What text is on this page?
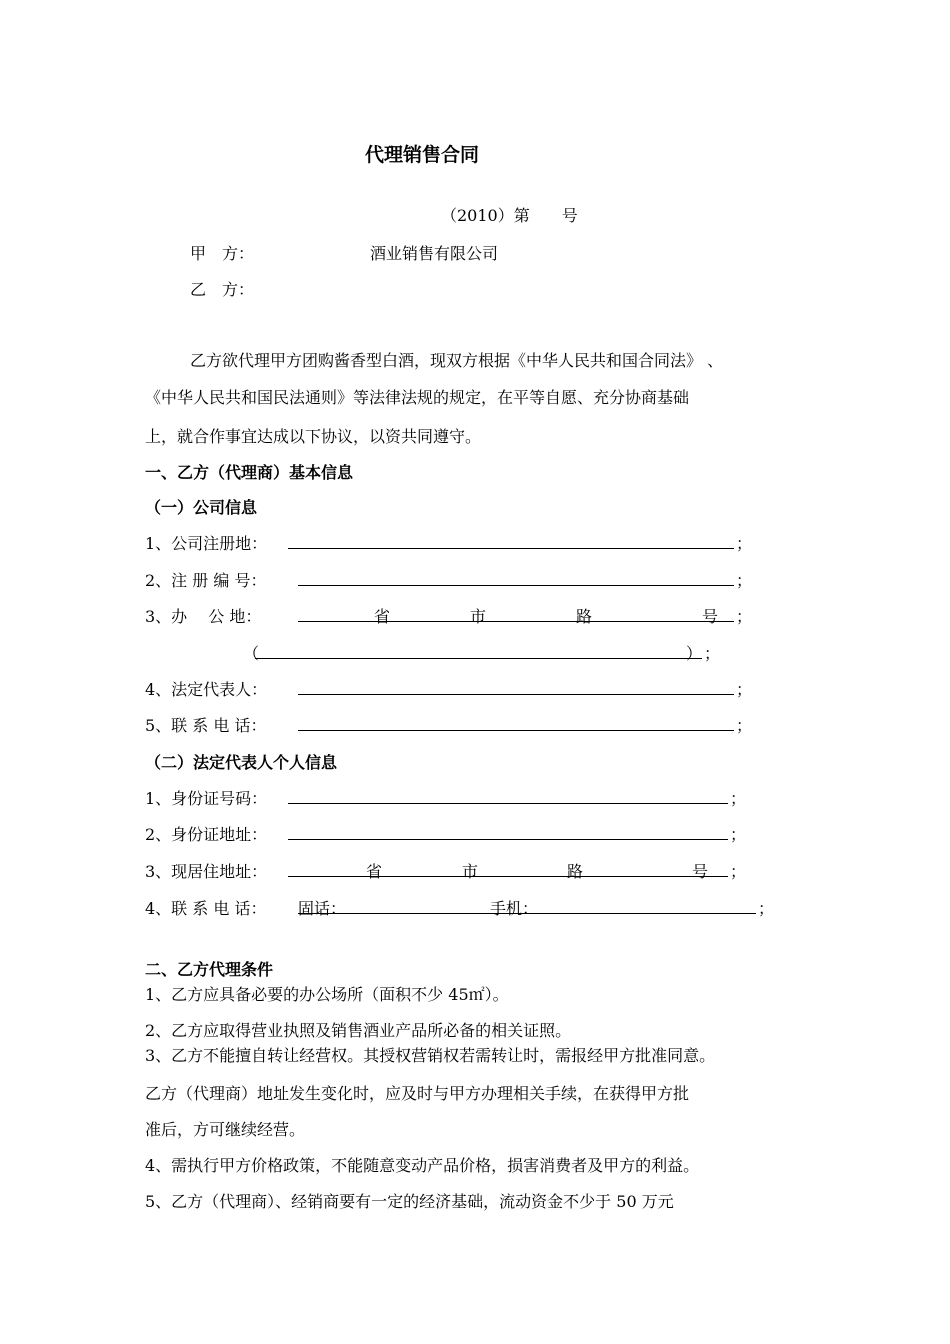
代理销售合同
（2010）第　　号
甲　方：	酒业销售有限公司
乙　方：
乙方欲代理甲方团购酱香型白酒，现双方根据《中华人民共和国合同法》 、
《中华人民共和国民法通则》等法律法规的规定，在平等自愿、充分协商基础
上，就合作事宜达成以下协议，以资共同遵守。
一、乙方（代理商）基本信息
（一）公司信息
1、公司注册地：	；
2、注 册 编 号：	；
3、办　 公 地：	省	市	路	号 ；
（	） ；
4、法定代表人：	；
5、联 系 电 话：	；
（二）法定代表人个人信息
1、身份证号码：	；
2、身份证地址：	；
3、现居住地址：	省	市	路	号 ；
4、联 系 电 话： 固话：	手机：	；
二、乙方代理条件
1、乙方应具备必要的办公场所（面积不少 45㎡）。
2、乙方应取得营业执照及销售酒业产品所必备的相关证照。
3、乙方不能擅自转让经营权。其授权营销权若需转让时，需报经甲方批准同意。
乙方（代理商）地址发生变化时，应及时与甲方办理相关手续，在获得甲方批
准后，方可继续经营。
4、需执行甲方价格政策，不能随意变动产品价格，损害消费者及甲方的利益。
5、乙方（代理商）、经销商要有一定的经济基础，流动资金不少于 50 万元
